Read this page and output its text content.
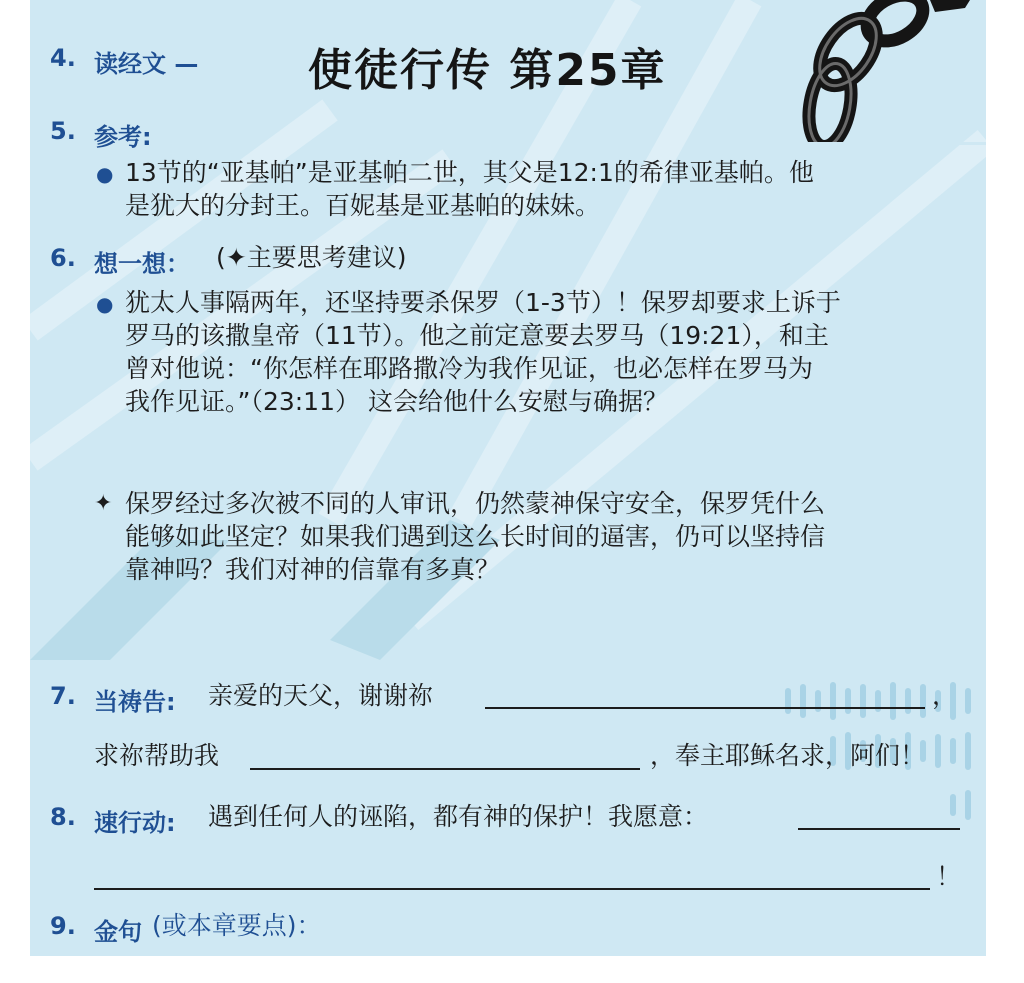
4. 读经文 — 使徒行传 第25章
5. 参考:
● 13节的“亚基帕”是亚基帕二世，其父是12:1的希律亚基帕。他
是犹大的分封王。百妮基是亚基帕的妹妹。
6. 想一想： (✦主要思考建议)
● 犹太人事隔两年，还坚持要杀保罗（1-3节）！保罗却要求上诉于
罗马的该撒皇帝（11节）。他之前定意要去罗马（19:21），和主
曾对他说：“你怎样在耶路撒冷为我作见证，也必怎样在罗马为
我作见证。”（23:11） 这会给他什么安慰与确据？
✦ 保罗经过多次被不同的人审讯，仍然蒙神保守安全，保罗凭什么
能够如此坚定？如果我们遇到这么长时间的逼害，仍可以坚持信
靠神吗？我们对神的信靠有多真？
7. 当祷告: 亲爱的天父，谢谢祢	，
求祢帮助我	，奉主耶稣名求，阿们！
8. 速行动: 遇到任何人的诬陷，都有神的保护！我愿意：
！
9. 金句 (或本章要点)：
